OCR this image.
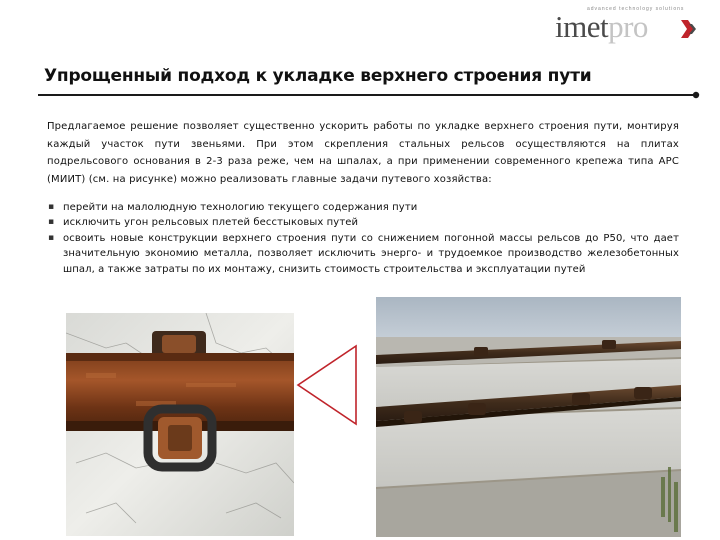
advanced technology solutions
imetpro
Упрощенный подход к укладке верхнего строения пути
Предлагаемое решение позволяет существенно ускорить работы по укладке верхнего строения пути, монтируя каждый участок пути звеньями. При этом скрепления стальных рельсов осуществляются на плитах подрельсового основания в 2-3 раза реже, чем на шпалах, а при применении современного крепежа типа АРС (МИИТ) (см. на рисунке) можно реализовать главные задачи путевого хозяйства:
▪ перейти на малолюдную технологию текущего содержания пути
▪ исключить угон рельсовых плетей бесстыковых путей
▪ освоить новые конструкции верхнего строения пути со снижением погонной массы рельсов до Р50, что дает значительную экономию металла, позволяет исключить энерго- и трудоемкое производство железобетонных шпал, а также затраты по их монтажу, снизить стоимость строительства и эксплуатации путей
